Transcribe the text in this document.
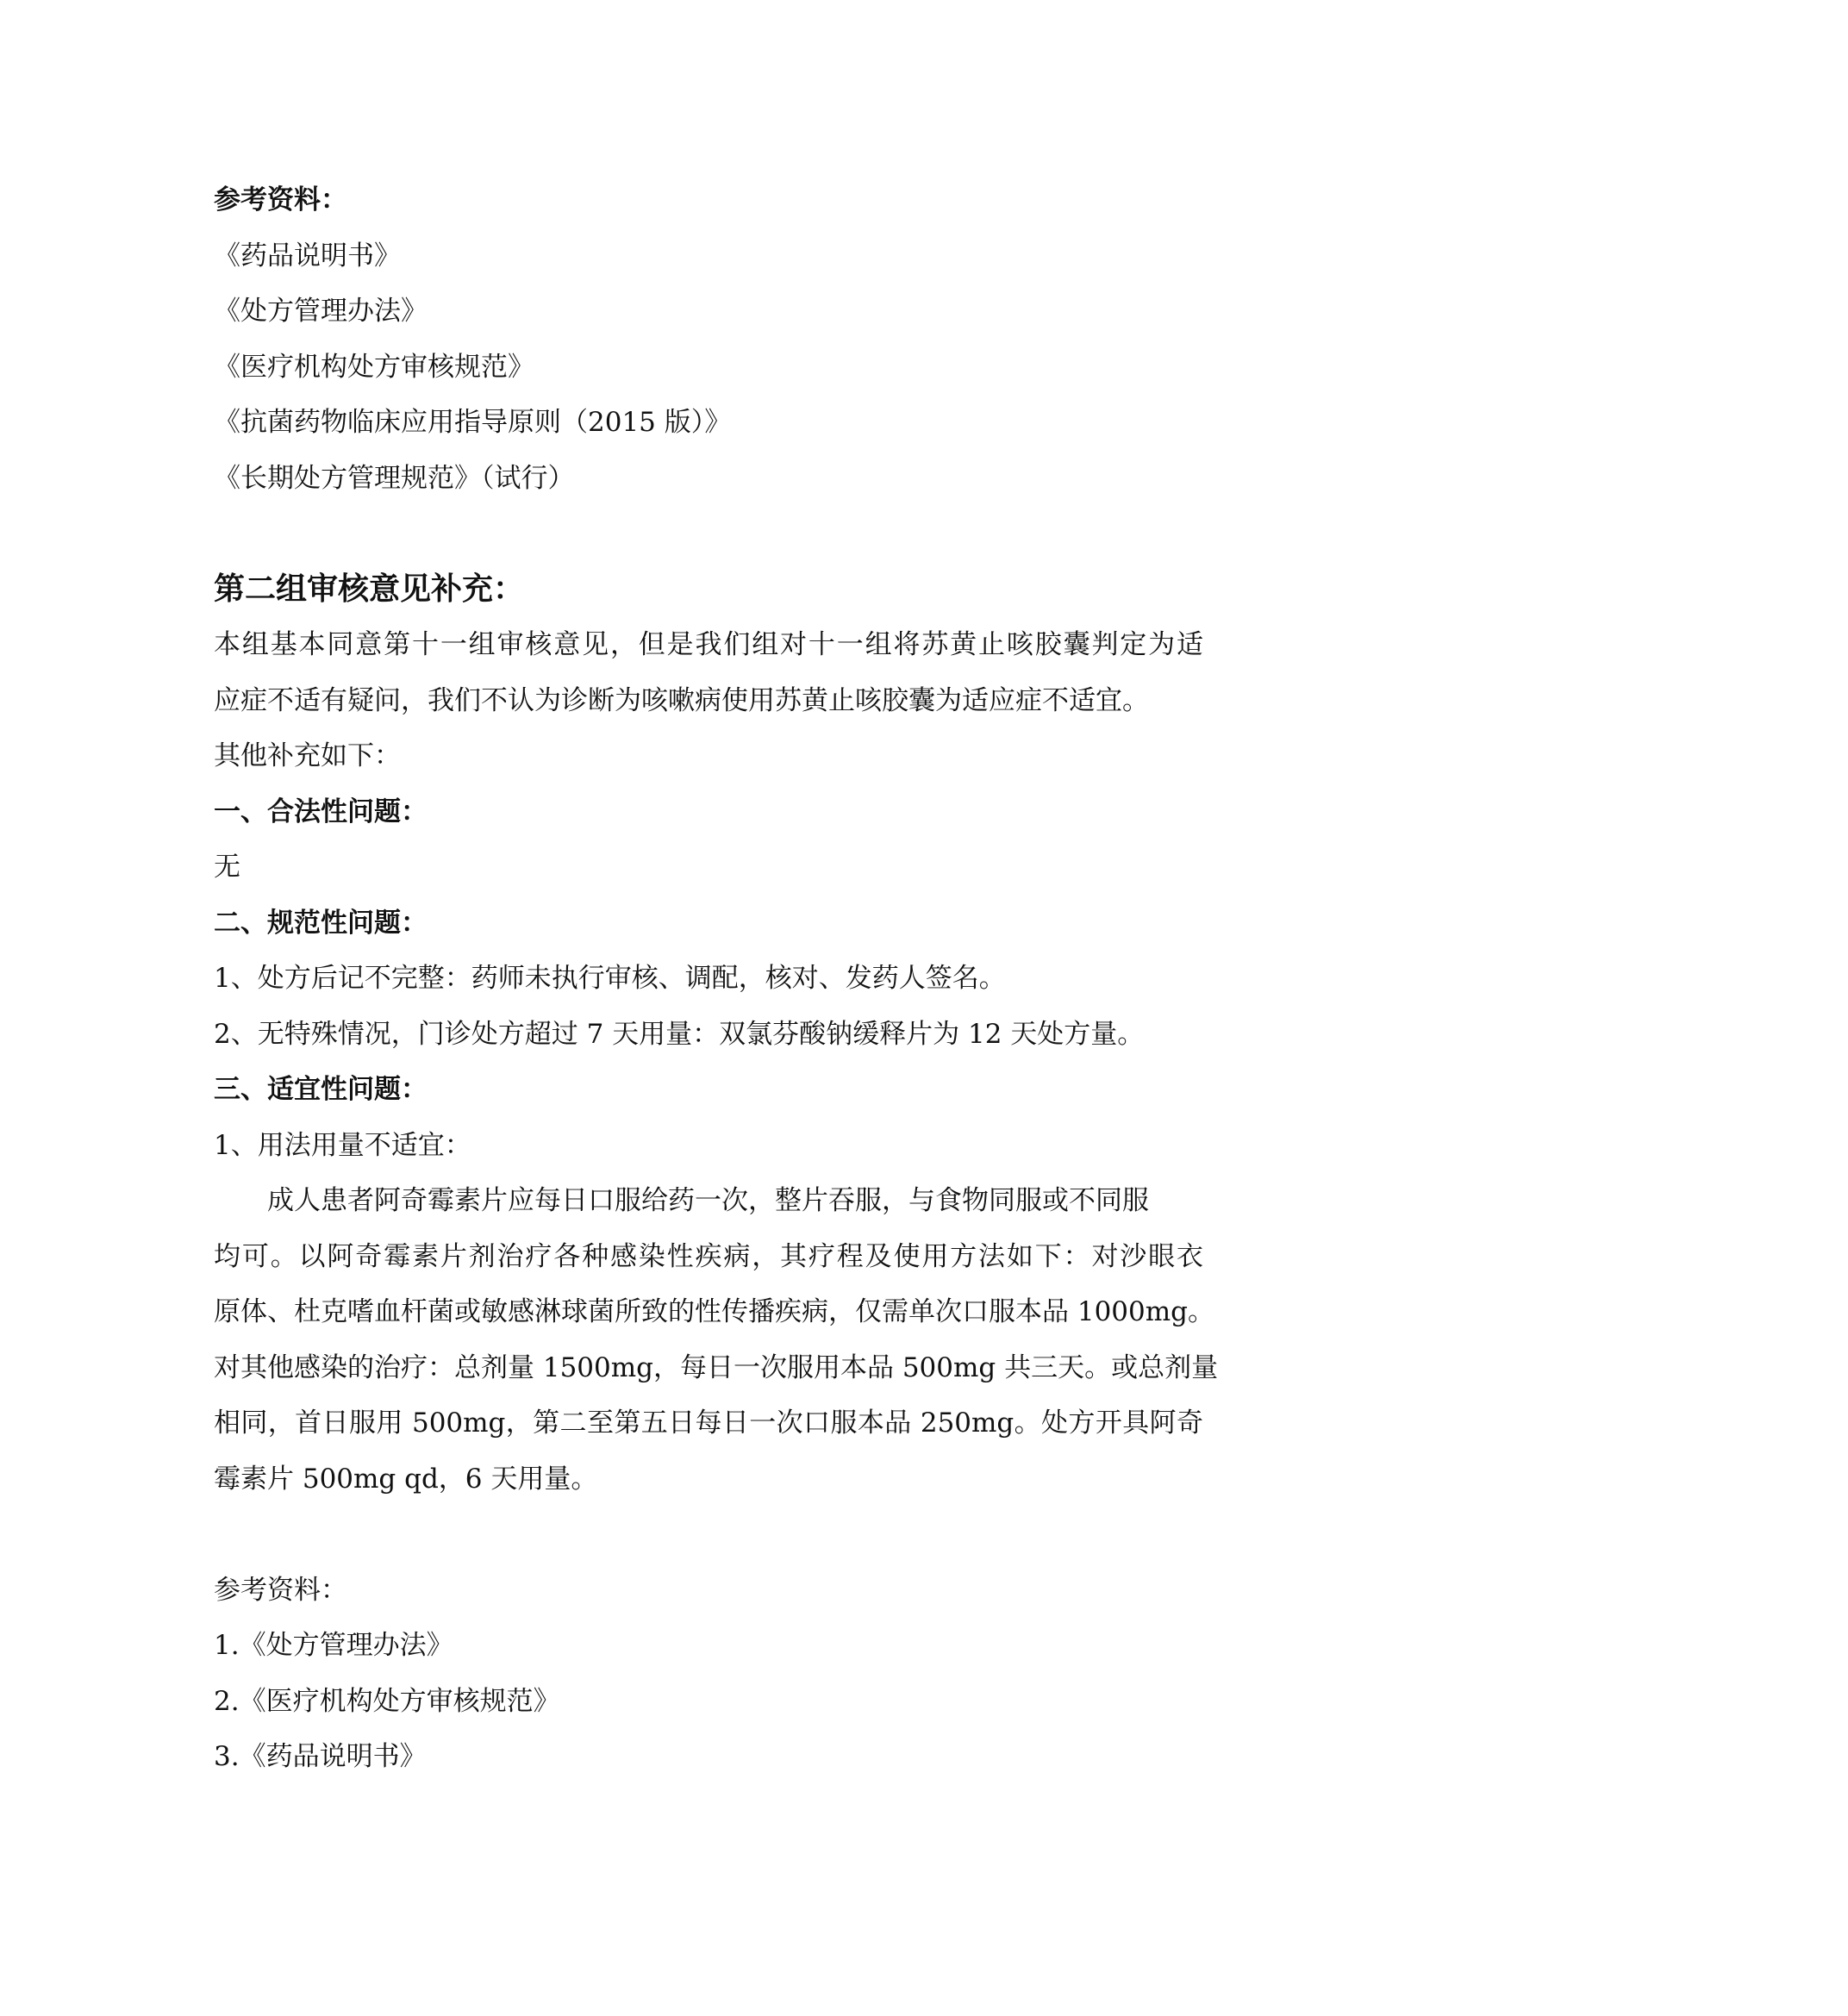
参考资料：
《药品说明书》
《处方管理办法》
《医疗机构处方审核规范》
《抗菌药物临床应用指导原则（2015 版）》
《长期处方管理规范》（试行）
第二组审核意见补充：
本组基本同意第十一组审核意见，但是我们组对十一组将苏黄止咳胶囊判定为适
应症不适有疑问，我们不认为诊断为咳嗽病使用苏黄止咳胶囊为适应症不适宜。
其他补充如下：
一、合法性问题：
无
二、规范性问题：
1、处方后记不完整：药师未执行审核、调配，核对、发药人签名。
2、无特殊情况，门诊处方超过 7 天用量：双氯芬酸钠缓释片为 12 天处方量。
三、适宜性问题：
1、用法用量不适宜：
成人患者阿奇霉素片应每日口服给药一次，整片吞服，与食物同服或不同服
均可。以阿奇霉素片剂治疗各种感染性疾病，其疗程及使用方法如下：对沙眼衣
原体、杜克嗜血杆菌或敏感淋球菌所致的性传播疾病，仅需单次口服本品 1000mg。
对其他感染的治疗：总剂量 1500mg，每日一次服用本品 500mg 共三天。或总剂量
相同，首日服用 500mg，第二至第五日每日一次口服本品 250mg。处方开具阿奇
霉素片 500mg qd，6 天用量。
参考资料：
1.《处方管理办法》
2.《医疗机构处方审核规范》
3.《药品说明书》
